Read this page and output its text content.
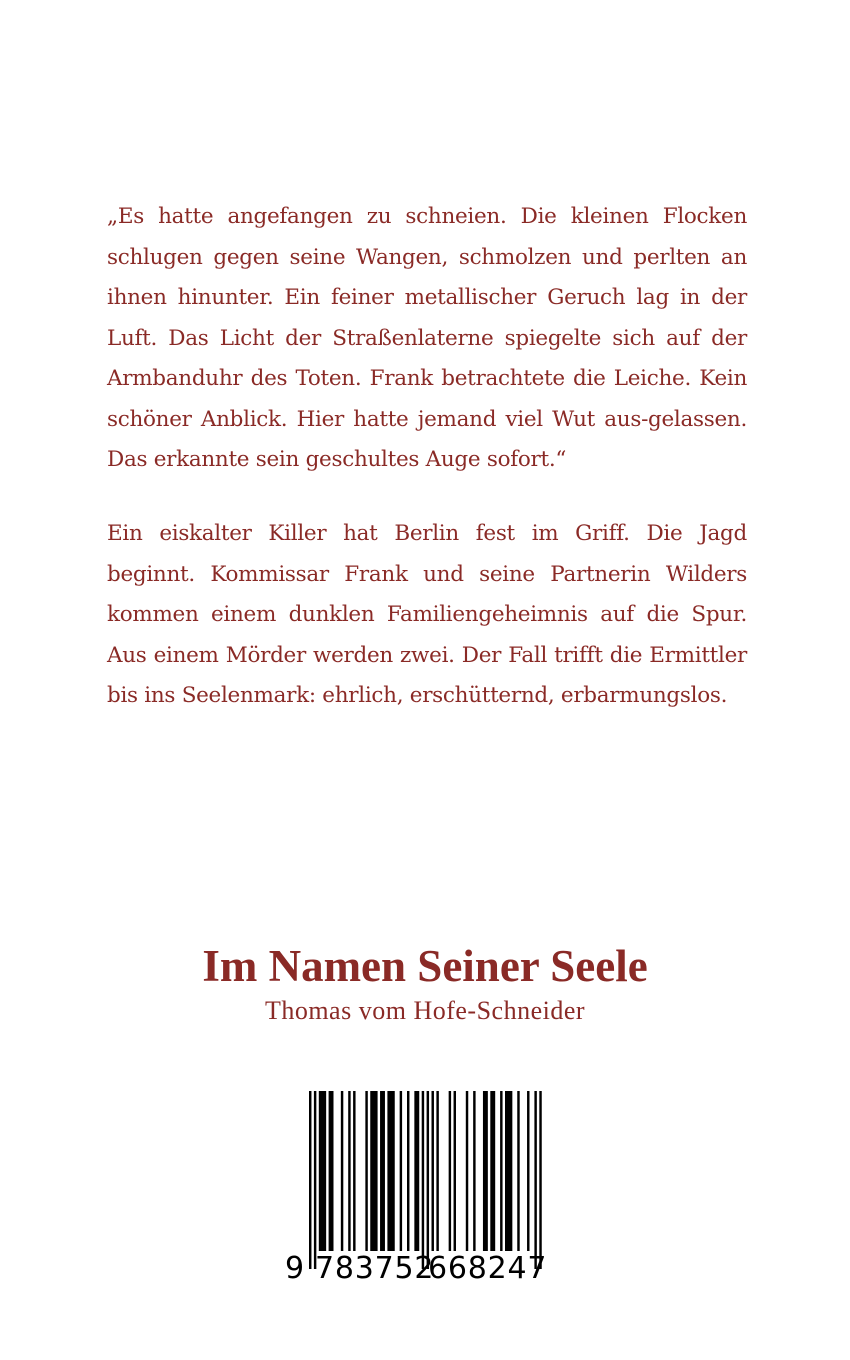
„Es hatte angefangen zu schneien. Die kleinen Flocken schlugen gegen seine Wangen, schmolzen und perlten an ihnen hinunter. Ein feiner metallischer Geruch lag in der Luft. Das Licht der Straßenlaterne spiegelte sich auf der Armbanduhr des Toten. Frank betrachtete die Leiche. Kein schöner Anblick. Hier hatte jemand viel Wut aus-gelassen. Das erkannte sein geschultes Auge sofort.“

Ein eiskalter Killer hat Berlin fest im Griff. Die Jagd beginnt. Kommissar Frank und seine Partnerin Wilders kommen einem dunklen Familiengeheimnis auf die Spur. Aus einem Mörder werden zwei. Der Fall trifft die Ermittler bis ins Seelenmark: ehrlich, erschütternd, erbarmungslos.

Im Namen Seiner Seele

Thomas vom Hofe-Schneider

9 783752
668247
